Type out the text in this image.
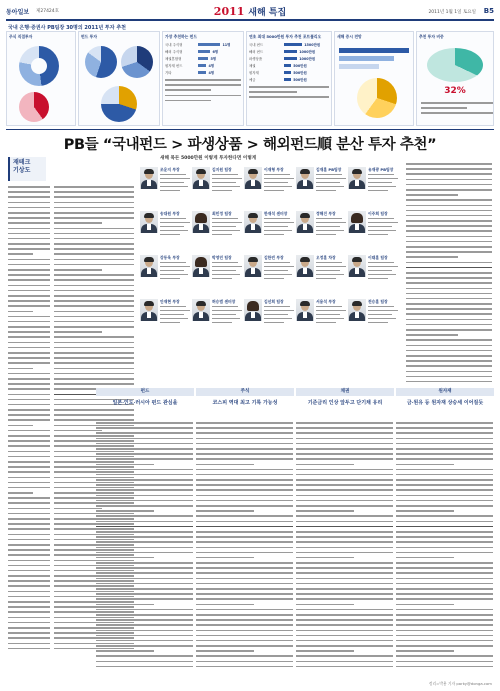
동아일보 제27424호	2011 새해 특집	2011년 1월 1일 토요일 B5
국내 은행·증권사 PB팀장 30명의 2011년 투자 추천
주식 직접투자	펀드 투자	가장 추천하는 펀드
국내 주식형	11명
해외 주식형	6명
채권혼합형	5명
원자재 펀드	4명
기타	4명
연초 최대 5000만원 투자 추천 포트폴리오
국내 펀드	1500만원
해외 펀드	1000만원
파생상품	1000만원
채권	500만원
원자재	500만원
예금	500만원
새해 증시 전망	추천 투자 비중
32%
PB들 “국내펀드 > 파생상품 > 해외펀드順 분산 투자 추천”
새해 목돈 5000만원 이렇게 투자한다면 이렇게
재테크
기상도	조윤지 부장	김지원 팀장	이재형 부장	김재훈 PB팀장	유재광 PB팀장
송대원 부장	최민정 팀장	한재석 센터장	정해진 부장	이주희 팀장
강동욱 부장	박영민 팀장	김한빈 부장	오정훈 차장	이태훈 팀장
안재현 부장	허승범 센터장	김선희 팀장	서용석 부장	전승훈 팀장
펀드	주식	채권	원자재
일본·인도·러시아 펀드 관심을	코스피 역대 최고 기록 가능성	기준금리 인상 앞두고 단기채 유리	금·원유 등 원자재 상승세 이어질듯
정리=박용 기자 parky@donga.com
